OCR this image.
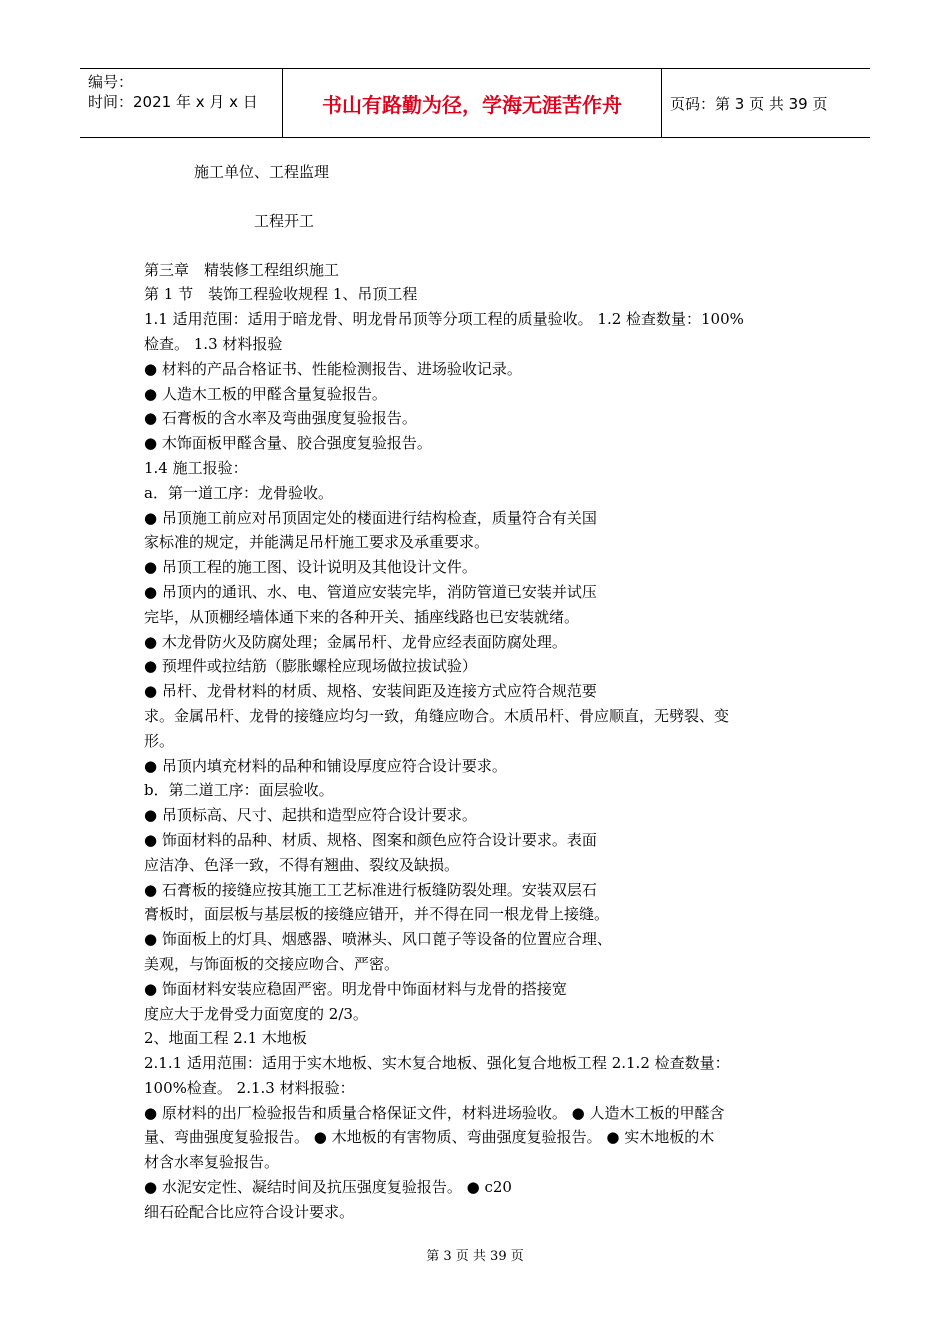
编号：
时间：2021 年 x 月 x 日	书山有路勤为径，学海无涯苦作舟	页码：第 3 页 共 39 页
施工单位、工程监理
工程开工
第三章　精装修工程组织施工
第 1 节　装饰工程验收规程 1、吊顶工程
1.1 适用范围：适用于暗龙骨、明龙骨吊顶等分项工程的质量验收。 1.2 检查数量：100%
检查。 1.3 材料报验
● 材料的产品合格证书、性能检测报告、进场验收记录。
● 人造木工板的甲醛含量复验报告。
● 石膏板的含水率及弯曲强度复验报告。
● 木饰面板甲醛含量、胶合强度复验报告。
1.4 施工报验：
a．第一道工序：龙骨验收。
● 吊顶施工前应对吊顶固定处的楼面进行结构检查，质量符合有关国
家标准的规定，并能满足吊杆施工要求及承重要求。
● 吊顶工程的施工图、设计说明及其他设计文件。
● 吊顶内的通讯、水、电、管道应安装完毕，消防管道已安装并试压
完毕，从顶棚经墙体通下来的各种开关、插座线路也已安装就绪。
● 木龙骨防火及防腐处理；金属吊杆、龙骨应经表面防腐处理。
● 预埋件或拉结筋（膨胀螺栓应现场做拉拔试验）
● 吊杆、龙骨材料的材质、规格、安装间距及连接方式应符合规范要
求。金属吊杆、龙骨的接缝应均匀一致，角缝应吻合。木质吊杆、骨应顺直，无劈裂、变
形。
● 吊顶内填充材料的品种和铺设厚度应符合设计要求。
b．第二道工序：面层验收。
● 吊顶标高、尺寸、起拱和造型应符合设计要求。
● 饰面材料的品种、材质、规格、图案和颜色应符合设计要求。表面
应洁净、色泽一致，不得有翘曲、裂纹及缺损。
● 石膏板的接缝应按其施工工艺标准进行板缝防裂处理。安装双层石
膏板时，面层板与基层板的接缝应错开，并不得在同一根龙骨上接缝。
● 饰面板上的灯具、烟感器、喷淋头、风口蓖子等设备的位置应合理、
美观，与饰面板的交接应吻合、严密。
● 饰面材料安装应稳固严密。明龙骨中饰面材料与龙骨的搭接宽
度应大于龙骨受力面宽度的 2/3。
2、地面工程 2.1 木地板
2.1.1 适用范围：适用于实木地板、实木复合地板、强化复合地板工程 2.1.2 检查数量：
100%检查。 2.1.3 材料报验：
● 原材料的出厂检验报告和质量合格保证文件，材料进场验收。 ● 人造木工板的甲醛含
量、弯曲强度复验报告。 ● 木地板的有害物质、弯曲强度复验报告。 ● 实木地板的木
材含水率复验报告。
● 水泥安定性、凝结时间及抗压强度复验报告。 ● c20
细石砼配合比应符合设计要求。
第 3 页 共 39 页
